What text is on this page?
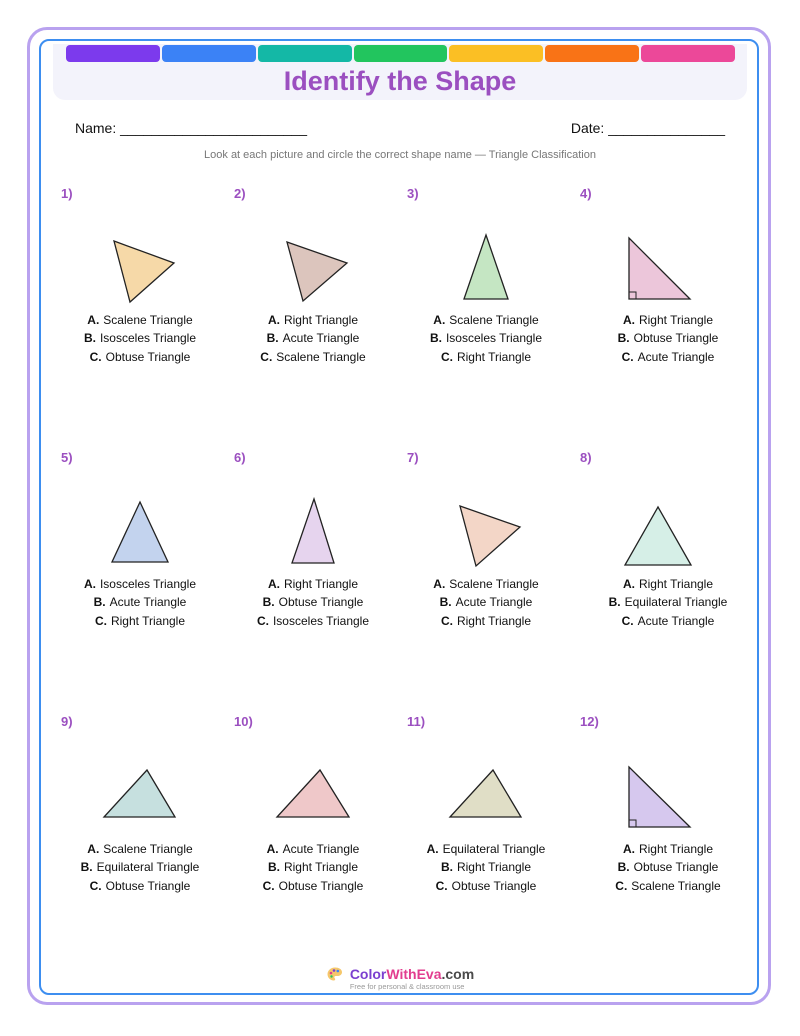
Identify the Shape
Name: ________________________	Date: _______________
Look at each picture and circle the correct shape name — Triangle Classification
1)
A. Scalene Triangle
B. Isosceles Triangle
C. Obtuse Triangle
2)
A. Right Triangle
B. Acute Triangle
C. Scalene Triangle
3)
A. Scalene Triangle
B. Isosceles Triangle
C. Right Triangle
4)
A. Right Triangle
B. Obtuse Triangle
C. Acute Triangle
5)
A. Isosceles Triangle
B. Acute Triangle
C. Right Triangle
6)
A. Right Triangle
B. Obtuse Triangle
C. Isosceles Triangle
7)
A. Scalene Triangle
B. Acute Triangle
C. Right Triangle
8)
A. Right Triangle
B. Equilateral Triangle
C. Acute Triangle
9)
A. Scalene Triangle
B. Equilateral Triangle
C. Obtuse Triangle
10)
A. Acute Triangle
B. Right Triangle
C. Obtuse Triangle
11)
A. Equilateral Triangle
B. Right Triangle
C. Obtuse Triangle
12)
A. Right Triangle
B. Obtuse Triangle
C. Scalene Triangle
ColorWithEva.com
Free for personal & classroom use
